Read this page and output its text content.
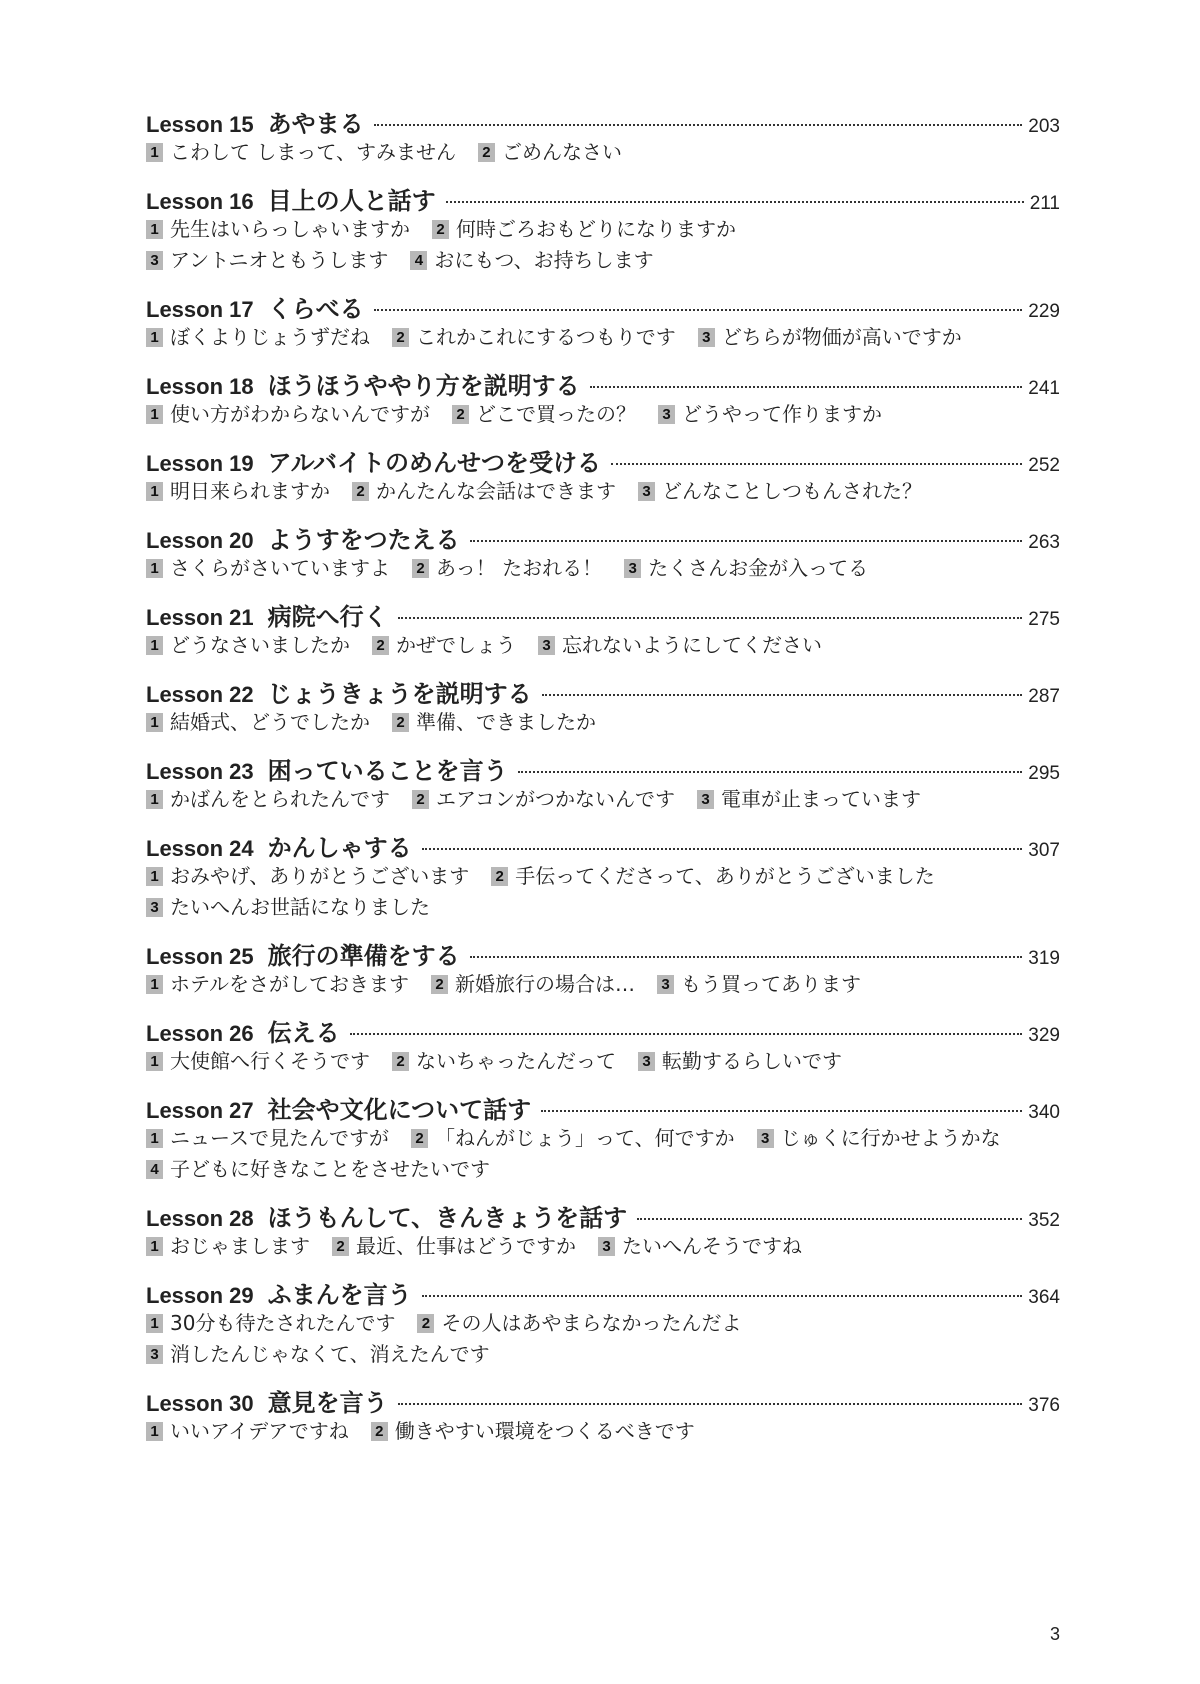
Lesson 15 あやまる	203
1 こわして しまって、すみません 2 ごめんなさい
Lesson 16 目上の人と話す	211
1 先生はいらっしゃいますか 2 何時ごろおもどりになりますか
3 アントニオともうします 4 おにもつ、お持ちします
Lesson 17 くらべる	229
1 ぼくよりじょうずだね 2 これかこれにするつもりです 3 どちらが物価が高いですか
Lesson 18 ほうほうややり方を説明する	241
1 使い方がわからないんですが 2 どこで買ったの？ 3 どうやって作りますか
Lesson 19 アルバイトのめんせつを受ける	252
1 明日来られますか 2 かんたんな会話はできます 3 どんなことしつもんされた？
Lesson 20 ようすをつたえる	263
1 さくらがさいていますよ 2 あっ！ たおれる！ 3 たくさんお金が入ってる
Lesson 21 病院へ行く	275
1 どうなさいましたか 2 かぜでしょう 3 忘れないようにしてください
Lesson 22 じょうきょうを説明する	287
1 結婚式、どうでしたか 2 準備、できましたか
Lesson 23 困っていることを言う	295
1 かばんをとられたんです 2 エアコンがつかないんです 3 電車が止まっています
Lesson 24 かんしゃする	307
1 おみやげ、ありがとうございます 2 手伝ってくださって、ありがとうございました
3 たいへんお世話になりました
Lesson 25 旅行の準備をする	319
1 ホテルをさがしておきます 2 新婚旅行の場合は… 3 もう買ってあります
Lesson 26 伝える	329
1 大使館へ行くそうです 2 ないちゃったんだって 3 転勤するらしいです
Lesson 27 社会や文化について話す	340
1 ニュースで見たんですが 2 「ねんがじょう」って、何ですか 3 じゅくに行かせようかな
4 子どもに好きなことをさせたいです
Lesson 28 ほうもんして、きんきょうを話す	352
1 おじゃまします 2 最近、仕事はどうですか 3 たいへんそうですね
Lesson 29 ふまんを言う	364
1 30分も待たされたんです 2 その人はあやまらなかったんだよ
3 消したんじゃなくて、消えたんです
Lesson 30 意見を言う	376
1 いいアイデアですね 2 働きやすい環境をつくるべきです
3
